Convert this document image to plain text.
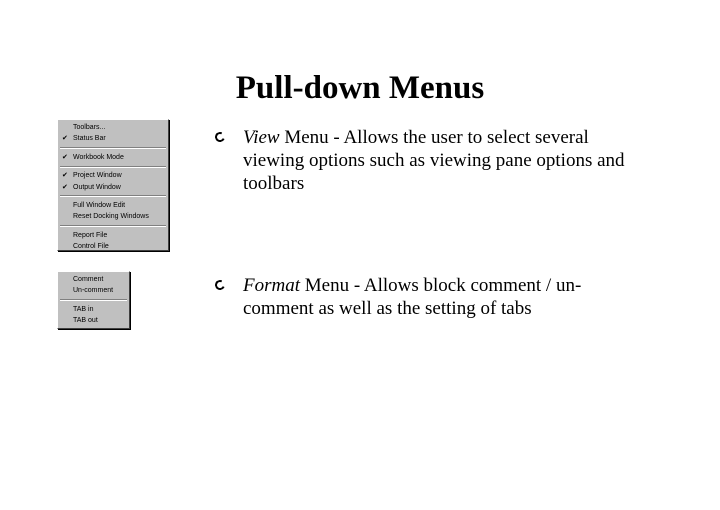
Pull-down Menus
Toolbars...
✔ Status Bar
✔ Workbook Mode
✔ Project Window
✔ Output Window
Full Window Edit
Reset Docking Windows
Report File
Control File
Comment
Un-comment
TAB in
TAB out
View Menu - Allows the user to select several viewing options such as viewing pane options and toolbars
Format Menu - Allows block comment / un-comment as well as the setting of tabs
